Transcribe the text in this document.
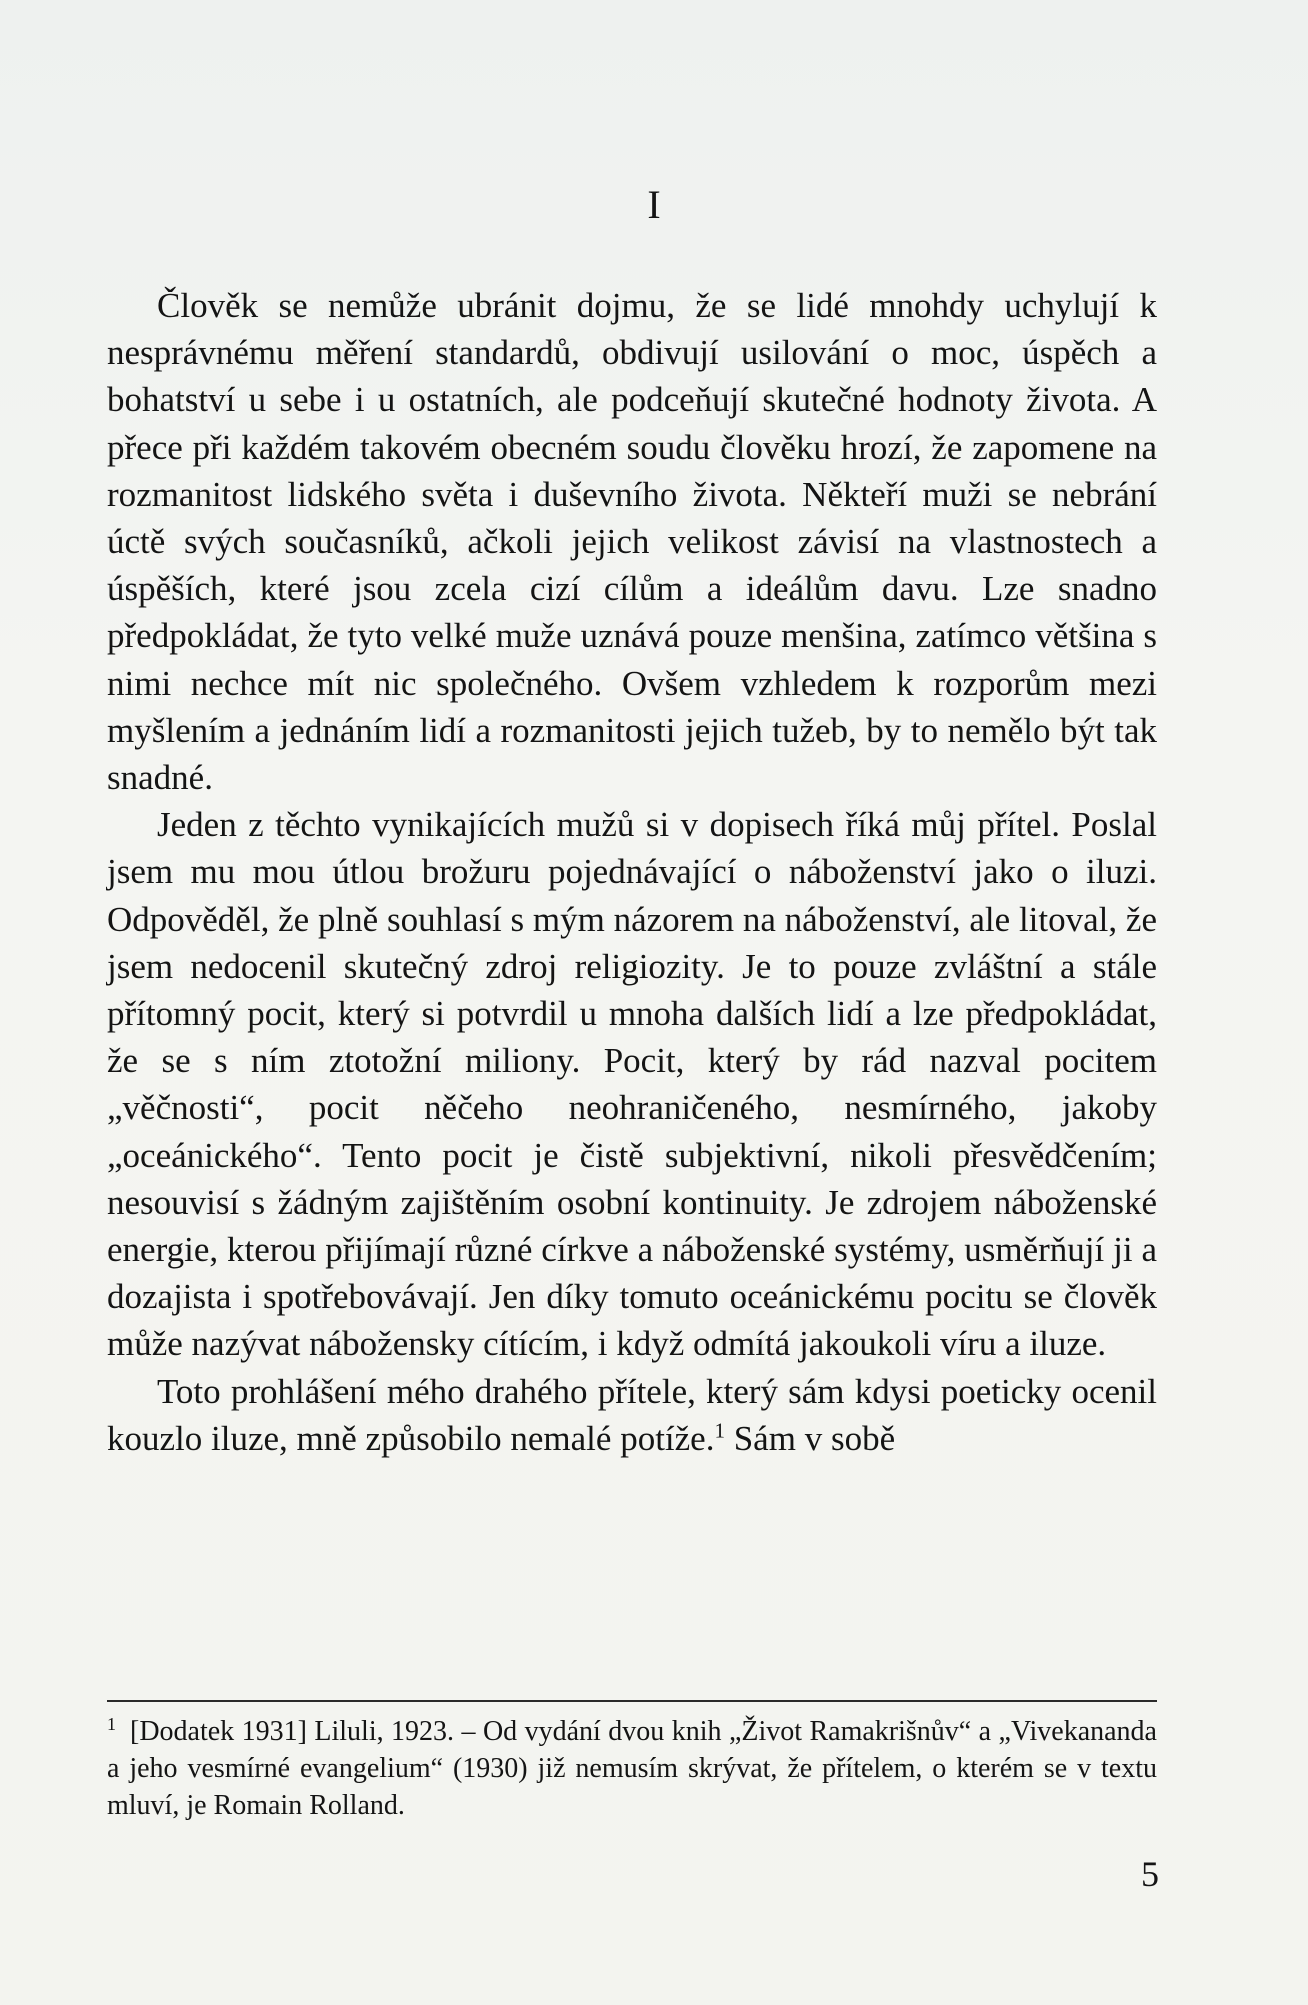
I

Člověk se nemůže ubránit dojmu, že se lidé mnohdy uchylují k nesprávnému měření standardů, obdivují usilování o moc, úspěch a bohatství u sebe i u ostatních, ale podceňují skutečné hodnoty života. A přece při každém takovém obecném soudu člověku hrozí, že zapomene na rozmanitost lidského světa i duševního života. Někteří muži se nebrání úctě svých současníků, ačkoli jejich velikost závisí na vlastnostech a úspěších, které jsou zcela cizí cílům a ideálům davu. Lze snadno předpokládat, že tyto velké muže uznává pouze menšina, zatímco většina s nimi nechce mít nic společného. Ovšem vzhledem k rozporům mezi myšlením a jednáním lidí a rozmanitosti jejich tužeb, by to nemělo být tak snadné.

Jeden z těchto vynikajících mužů si v dopisech říká můj přítel. Poslal jsem mu mou útlou brožuru pojednávající o náboženství jako o iluzi. Odpověděl, že plně souhlasí s mým názorem na náboženství, ale litoval, že jsem nedocenil skutečný zdroj religiozity. Je to pouze zvláštní a stále přítomný pocit, který si potvrdil u mnoha dalších lidí a lze předpokládat, že se s ním ztotožní miliony. Pocit, který by rád nazval pocitem „věčnosti“, pocit něčeho neohraničeného, nesmírného, jakoby „oceánického“. Tento pocit je čistě subjektivní, nikoli přesvědčením; nesouvisí s žádným zajištěním osobní kontinuity. Je zdrojem náboženské energie, kterou přijímají různé církve a náboženské systémy, usměrňují ji a dozajista i spotřebovávají. Jen díky tomuto oceánickému pocitu se člověk může nazývat nábožensky cítícím, i když odmítá jakoukoli víru a iluze.

Toto prohlášení mého drahého přítele, který sám kdysi poeticky ocenil kouzlo iluze, mně způsobilo nemalé potíže.$^1$ Sám v sobě

$^1$ [Dodatek 1931] Liluli, 1923. – Od vydání dvou knih „Život Ramakrišnův“ a „Vivekananda a jeho vesmírné evangelium“ (1930) již nemusím skrývat, že přítelem, o kterém se v textu mluví, je Romain Rolland.
5
